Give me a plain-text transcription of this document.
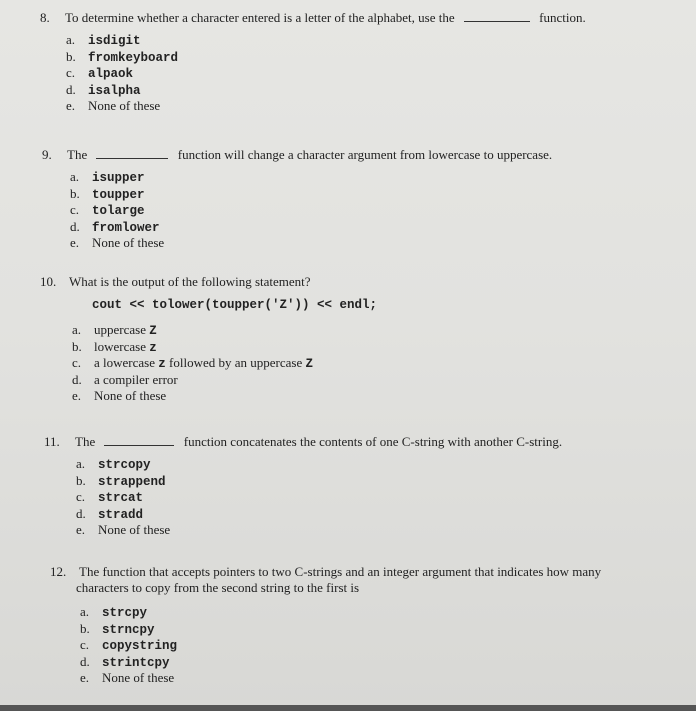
8. To determine whether a character entered is a letter of the alphabet, use the	function.
a. isdigit
b. fromkeyboard
c. alpaok
d. isalpha
e. None of these
9. The	function will change a character argument from lowercase to uppercase.
a. isupper
b. toupper
c. tolarge
d. fromlower
e. None of these
10. What is the output of the following statement?
cout << tolower(toupper('Z')) << endl;
a. uppercase Z
b. lowercase z
c. a lowercase z followed by an uppercase Z
d. a compiler error
e. None of these
11. The	function concatenates the contents of one C-string with another C-string.
a. strcopy
b. strappend
c. strcat
d. stradd
e. None of these
12. The function that accepts pointers to two C-strings and an integer argument that indicates how many
characters to copy from the second string to the first is
a. strcpy
b. strncpy
c. copystring
d. strintcpy
e. None of these
